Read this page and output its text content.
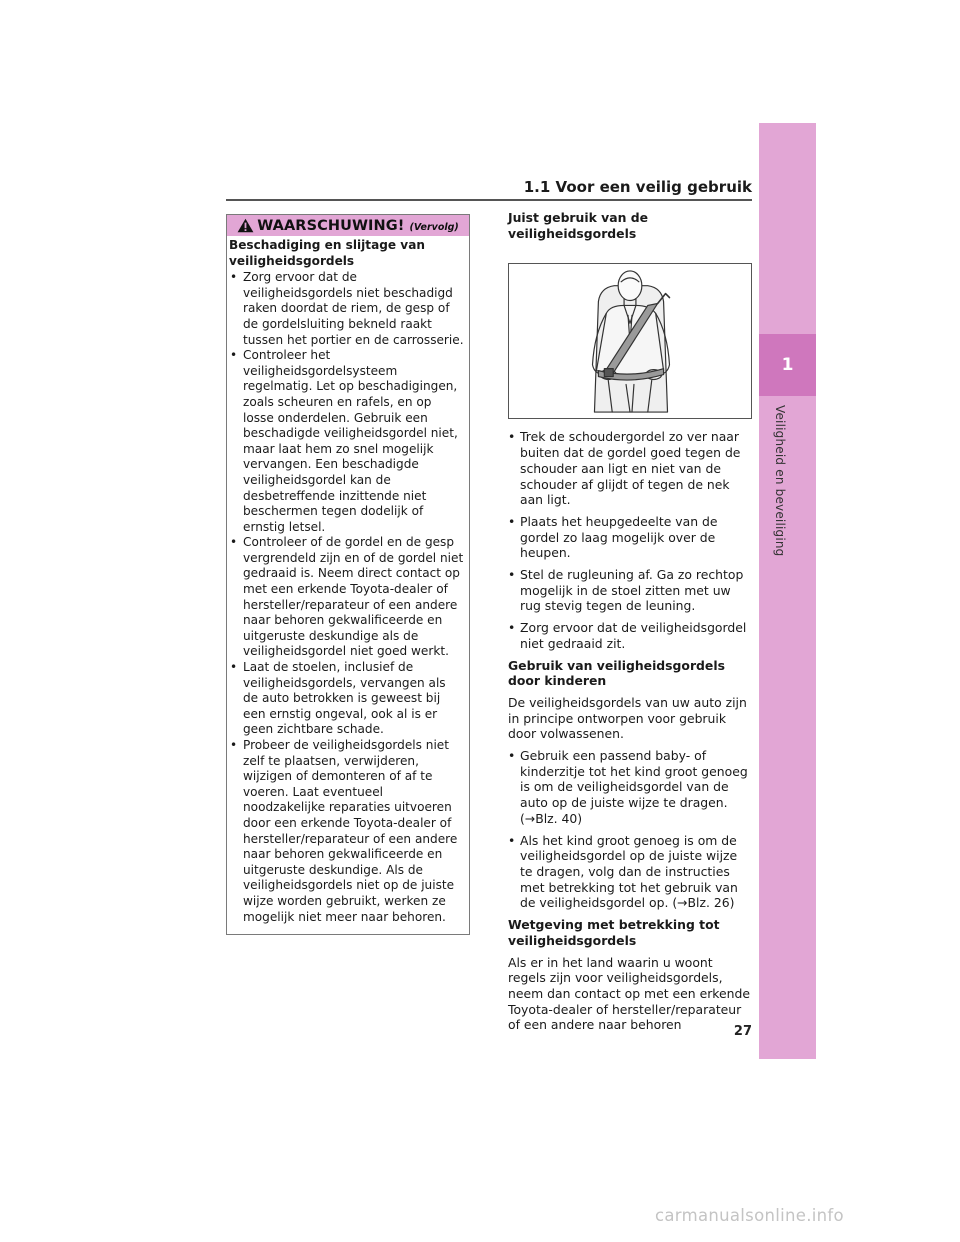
1.1 Voor een veilig gebruik
1
Veiligheid en beveiliging
WAARSCHUWING! (Vervolg)
Beschadiging en slijtage van veiligheidsgordels
• Zorg ervoor dat de veiligheidsgordels niet beschadigd raken doordat de riem, de gesp of de gordelsluiting bekneld raakt tussen het portier en de carrosserie.
• Controleer het veiligheidsgordelsysteem regelmatig. Let op beschadigingen, zoals scheuren en rafels, en op losse onderdelen. Gebruik een beschadigde veiligheidsgordel niet, maar laat hem zo snel mogelijk vervangen. Een beschadigde veiligheidsgordel kan de desbetreffende inzittende niet beschermen tegen dodelijk of ernstig letsel.
• Controleer of de gordel en de gesp vergrendeld zijn en of de gordel niet gedraaid is. Neem direct contact op met een erkende Toyota-dealer of hersteller/reparateur of een andere naar behoren gekwalificeerde en uitgeruste deskundige als de veiligheidsgordel niet goed werkt.
• Laat de stoelen, inclusief de veiligheidsgordels, vervangen als de auto betrokken is geweest bij een ernstig ongeval, ook al is er geen zichtbare schade.
• Probeer de veiligheidsgordels niet zelf te plaatsen, verwijderen, wijzigen of demonteren of af te voeren. Laat eventueel noodzakelijke reparaties uitvoeren door een erkende Toyota-dealer of hersteller/reparateur of een andere naar behoren gekwalificeerde en uitgeruste deskundige. Als de veiligheidsgordels niet op de juiste wijze worden gebruikt, werken ze mogelijk niet meer naar behoren.
Juist gebruik van de veiligheidsgordels
• Trek de schoudergordel zo ver naar buiten dat de gordel goed tegen de schouder aan ligt en niet van de schouder af glijdt of tegen de nek aan ligt.
• Plaats het heupgedeelte van de gordel zo laag mogelijk over de heupen.
• Stel de rugleuning af. Ga zo rechtop mogelijk in de stoel zitten met uw rug stevig tegen de leuning.
• Zorg ervoor dat de veiligheidsgordel niet gedraaid zit.
Gebruik van veiligheidsgordels door kinderen

De veiligheidsgordels van uw auto zijn in principe ontworpen voor gebruik door volwassenen.

• Gebruik een passend baby- of kinderzitje tot het kind groot genoeg is om de veiligheidsgordel van de auto op de juiste wijze te dragen. (→Blz. 40)
• Als het kind groot genoeg is om de veiligheidsgordel op de juiste wijze te dragen, volg dan de instructies met betrekking tot het gebruik van de veiligheidsgordel op. (→Blz. 26)
Wetgeving met betrekking tot veiligheidsgordels

Als er in het land waarin u woont regels zijn voor veiligheidsgordels, neem dan contact op met een erkende Toyota-dealer of hersteller/reparateur of een andere naar behoren	27
carmanualsonline.info
